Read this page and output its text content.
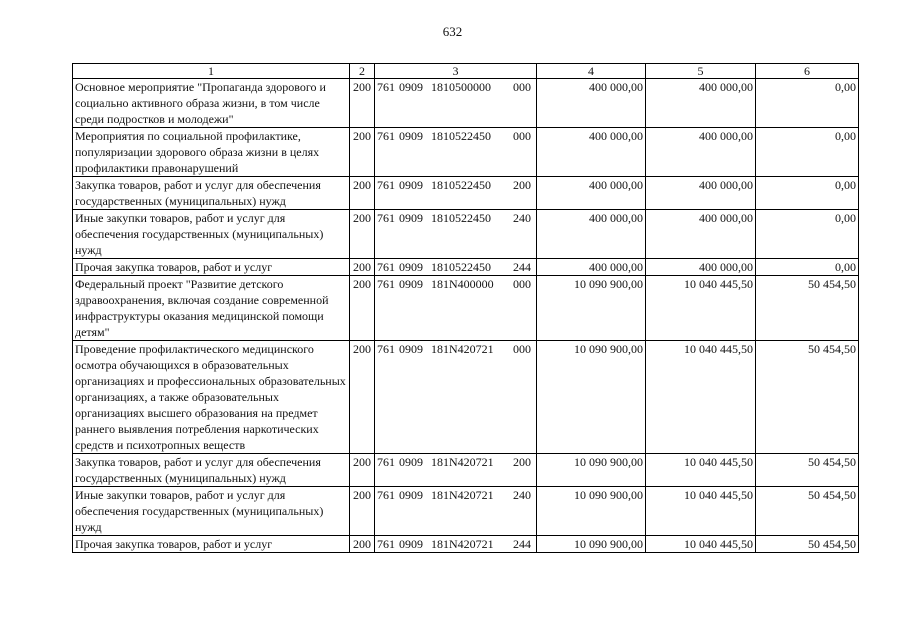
632
1	2	3	4	5	6
Основное мероприятие "Пропаганда здорового и социально активного образа жизни, в том числе среди подростков и молодежи"	200	761 0909 1810500000 000	400 000,00	400 000,00	0,00
Мероприятия по социальной профилактике, популяризации здорового образа жизни в целях профилактики правонарушений	200	761 0909 1810522450 000	400 000,00	400 000,00	0,00
Закупка товаров, работ и услуг для обеспечения государственных (муниципальных) нужд	200	761 0909 1810522450 200	400 000,00	400 000,00	0,00
Иные закупки товаров, работ и услуг для обеспечения государственных (муниципальных) нужд	200	761 0909 1810522450 240	400 000,00	400 000,00	0,00
Прочая закупка товаров, работ и услуг	200	761 0909 1810522450 244	400 000,00	400 000,00	0,00
Федеральный проект "Развитие детского здравоохранения, включая создание современной инфраструктуры оказания медицинской помощи детям"	200	761 0909 181N400000 000	10 090 900,00	10 040 445,50	50 454,50
Проведение профилактического медицинского осмотра обучающихся в образовательных организациях и профессиональных образовательных организациях, а также образовательных организациях высшего образования на предмет раннего выявления потребления наркотических средств и психотропных веществ	200	761 0909 181N420721 000	10 090 900,00	10 040 445,50	50 454,50
Закупка товаров, работ и услуг для обеспечения государственных (муниципальных) нужд	200	761 0909 181N420721 200	10 090 900,00	10 040 445,50	50 454,50
Иные закупки товаров, работ и услуг для обеспечения государственных (муниципальных) нужд	200	761 0909 181N420721 240	10 090 900,00	10 040 445,50	50 454,50
Прочая закупка товаров, работ и услуг	200	761 0909 181N420721 244	10 090 900,00	10 040 445,50	50 454,50
